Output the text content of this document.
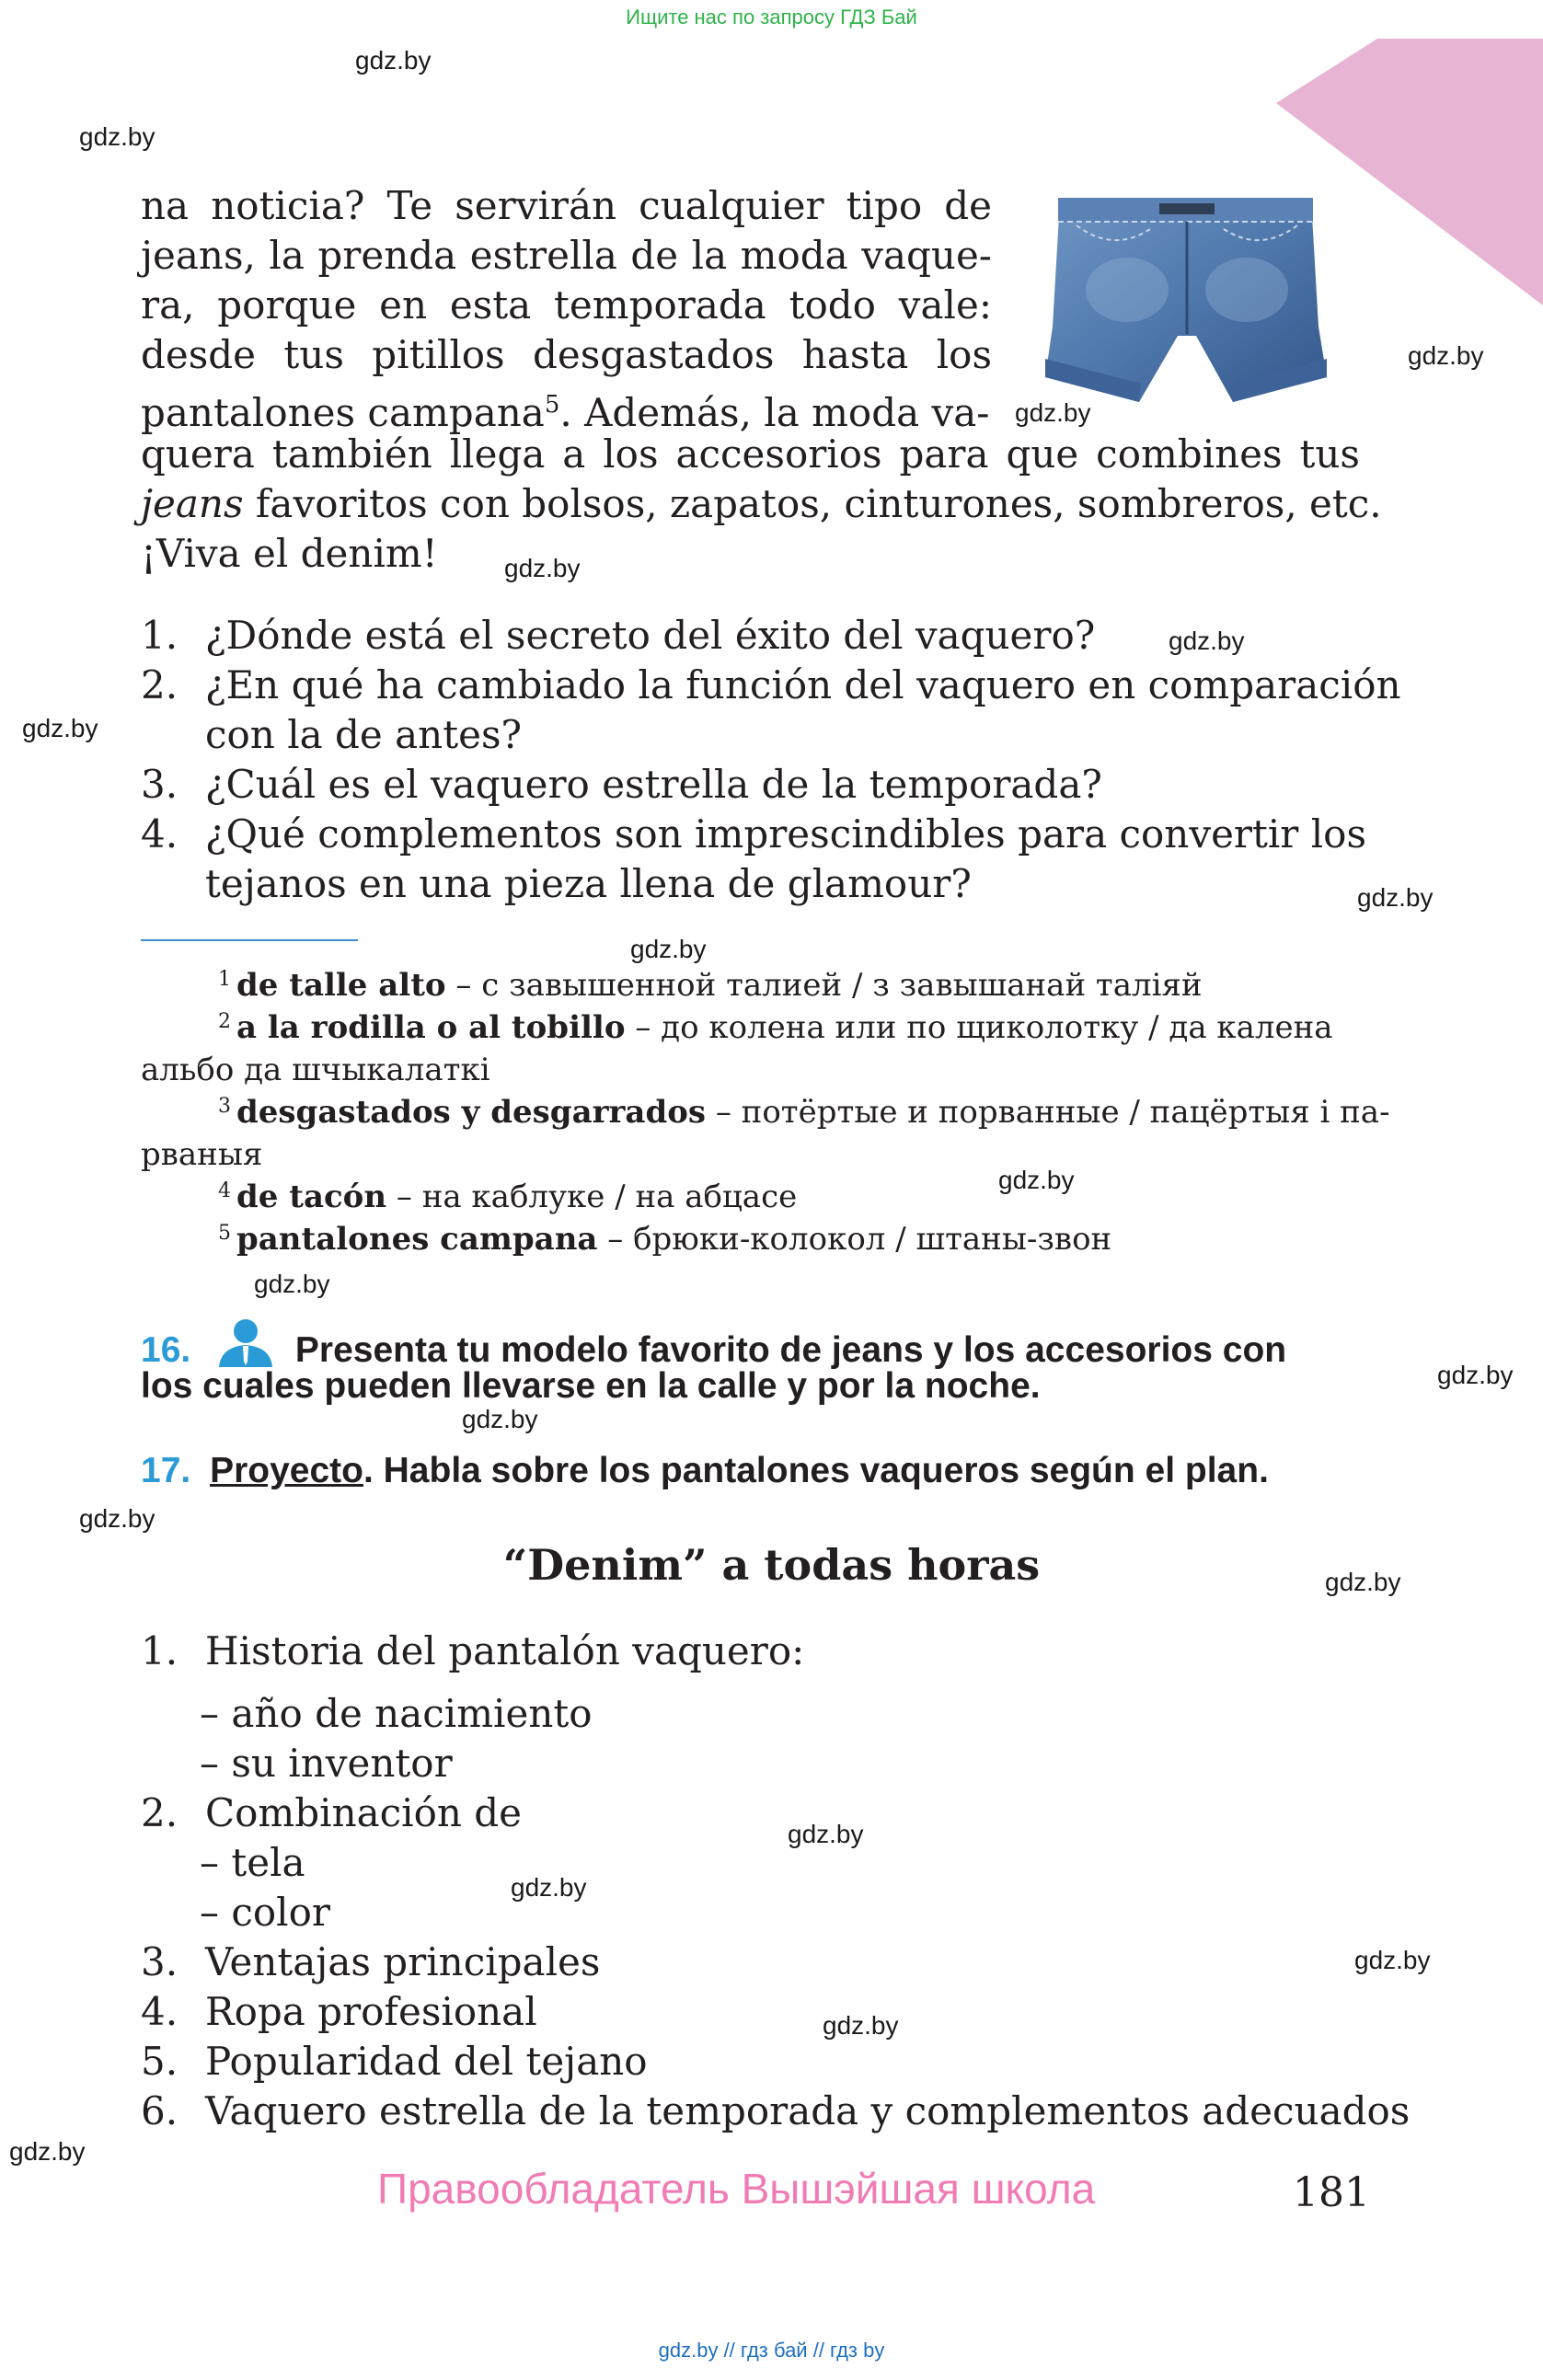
Ищите нас по запросу ГДЗ Бай
gdz.by
gdz.by
gdz.by
gdz.by
gdz.by
gdz.by
gdz.by
gdz.by
gdz.by
gdz.by
gdz.by
gdz.by
gdz.by
gdz.by
gdz.by
gdz.by
gdz.by
gdz.by
gdz.by
gdz.by
na noticia? Te servirán cualquier tipo de
jeans, la prenda estrella de la moda vaque-
ra, porque en esta temporada todo vale:
desde tus pitillos desgastados hasta los
pantalones campana$^5$. Además, la moda va-
quera también llega a los accesorios para que combines tus
jeans favoritos con bolsos, zapatos, cinturones, sombreros, etc.
¡Viva el denim!
1. ¿Dónde está el secreto del éxito del vaquero?
2. ¿En qué ha cambiado la función del vaquero en comparación
con la de antes?
3. ¿Cuál es el vaquero estrella de la temporada?
4. ¿Qué complementos son imprescindibles para convertir los
tejanos en una pieza llena de glamour?
$^1$ de talle alto – с завышенной талией / з завышанай таліяй
$^2$ a la rodilla o al tobillo – до колена или по щиколотку / да калена
альбо да шчыкалаткі
$^3$ desgastados y desgarrados – потёртые и порванные / пацёртыя і па-
рваныя
$^4$ de tacón – на каблуке / на абцасе
$^5$ pantalones campana – брюки-колокол / штаны-звон
16.	Presenta tu modelo favorito de jeans y los accesorios con
los cuales pueden llevarse en la calle y por la noche.
17. Proyecto. Habla sobre los pantalones vaqueros según el plan.
“Denim” a todas horas
1. Historia del pantalón vaquero:
– año de nacimiento
– su inventor
2. Combinación de
– tela
– color
3. Ventajas principales
4. Ropa profesional
5. Popularidad del tejano
6. Vaquero estrella de la temporada y complementos adecuados
Правообладатель Вышэйшая школа	181
gdz.by // гдз бай // гдз by
